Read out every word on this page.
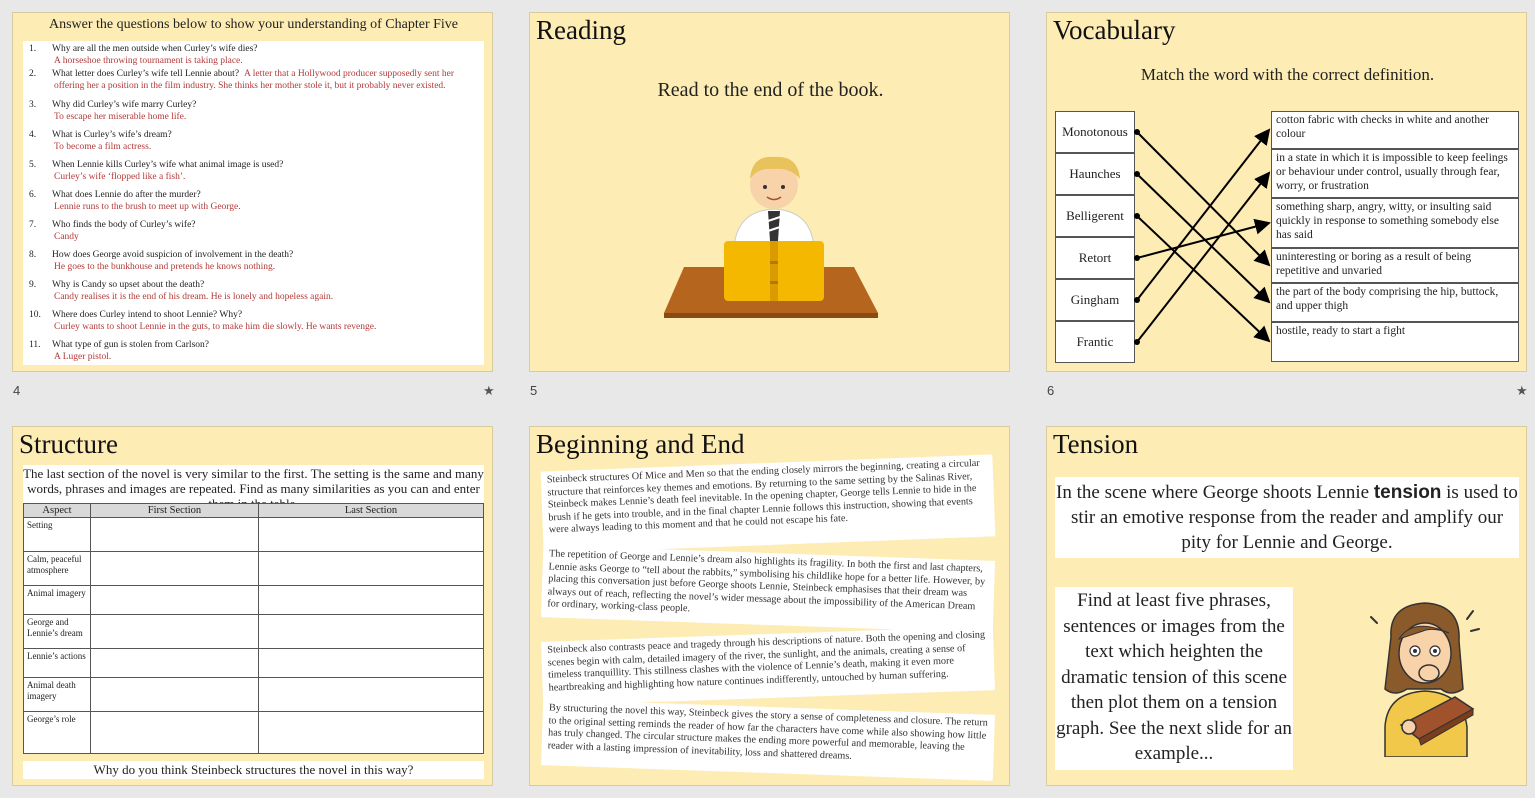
Answer the questions below to show your understanding of Chapter Five
1.	Why are all the men outside when Curley’s wife dies?
A horseshoe throwing tournament is taking place.
2.	What letter does Curley’s wife tell Lennie about? A letter that a Hollywood producer supposedly sent her
offering her a position in the film industry. She thinks her mother stole it, but it probably never existed.
3.	Why did Curley’s wife marry Curley?
To escape her miserable home life.
4.	What is Curley’s wife’s dream?
To become a film actress.
5.	When Lennie kills Curley’s wife what animal image is used?
Curley’s wife ‘flopped like a fish’.
6.	What does Lennie do after the murder?
Lennie runs to the brush to meet up with George.
7.	Who finds the body of Curley’s wife?
Candy
8.	How does George avoid suspicion of involvement in the death?
He goes to the bunkhouse and pretends he knows nothing.
9.	Why is Candy so upset about the death?
Candy realises it is the end of his dream. He is lonely and hopeless again.
10.	Where does Curley intend to shoot Lennie? Why?
Curley wants to shoot Lennie in the guts, to make him die slowly. He wants revenge.
11.	What type of gun is stolen from Carlson?
A Luger pistol.
4	★
Reading
Read to the end of the book.
5
Vocabulary
Match the word with the correct definition.
Monotonous
Haunches
Belligerent
Retort
Gingham
Frantic
cotton fabric with checks in white and another colour
in a state in which it is impossible to keep feelings or behaviour under control, usually through fear, worry, or frustration
something sharp, angry, witty, or insulting said quickly in response to something somebody else has said
uninteresting or boring as a result of being repetitive and unvaried
the part of the body comprising the hip, buttock, and upper thigh
hostile, ready to start a fight
6	★
Structure
The last section of the novel is very similar to the first. The setting is the same and many words, phrases and images are repeated. Find as many similarities as you can and enter
Aspect	First Section	Last Section
Setting		
Calm, peaceful atmosphere		
Animal imagery		
George and Lennie’s dream		
Lennie’s actions		
Animal death imagery		
George’s role		
Why do you think Steinbeck structures the novel in this way?
Beginning and End
Steinbeck structures Of Mice and Men so that the ending closely mirrors the beginning, creating a circular structure that reinforces key themes and emotions. By returning to the same setting by the Salinas River, Steinbeck makes Lennie’s death feel inevitable. In the opening chapter, George tells Lennie to hide in the brush if he gets into trouble, and in the final chapter Lennie follows this instruction, showing that events were always leading to this moment and that he could not escape his fate.
The repetition of George and Lennie’s dream also highlights its fragility. In both the first and last chapters, Lennie asks George to “tell about the rabbits,” symbolising his childlike hope for a better life. However, by placing this conversation just before George shoots Lennie, Steinbeck emphasises that their dream was always out of reach, reflecting the novel’s wider message about the impossibility of the American Dream for ordinary, working-class people.
Steinbeck also contrasts peace and tragedy through his descriptions of nature. Both the opening and closing scenes begin with calm, detailed imagery of the river, the sunlight, and the animals, creating a sense of timeless tranquillity. This stillness clashes with the violence of Lennie’s death, making it even more heartbreaking and highlighting how nature continues indifferently, untouched by human suffering.
By structuring the novel this way, Steinbeck gives the story a sense of completeness and closure. The return to the original setting reminds the reader of how far the characters have come while also showing how little has truly changed. The circular structure makes the ending more powerful and memorable, leaving the reader with a lasting impression of inevitability, loss and shattered dreams.
Tension
In the scene where George shoots Lennie tension is used to stir an emotive response from the reader and amplify our pity for Lennie and George.
Find at least five phrases, sentences or images from the text which heighten the dramatic tension of this scene then plot them on a tension graph. See the next slide for an example...
